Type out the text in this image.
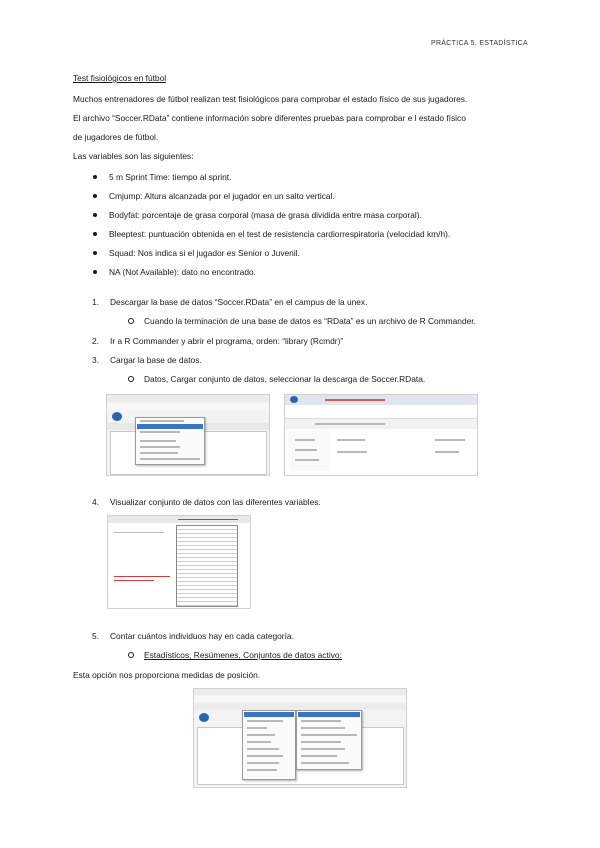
PRÁCTICA 5. ESTADÍSTICA
Test fisiológicos en fútbol
Muchos entrenadores de fútbol realizan test fisiológicos para comprobar el estado físico de sus jugadores.
El archivo “Soccer.RData” contiene información sobre diferentes pruebas para comprobar e l estado físico
de jugadores de fútbol.
Las variables son las siguientes:
5 m Sprint Time: tiempo al sprint.
Cmjump: Altura alcanzada por el jugador en un salto vertical.
Bodyfat: porcentaje de grasa corporal (masa de grasa dividida entre masa corporal).
Bleeptest: puntuación obtenida en el test de resistencia cardiorrespiratoria (velocidad km/h).
Squad: Nos indica si el jugador es Senior o Juvenil.
NA (Not Available): dato no encontrado.
1. Descargar la base de datos “Soccer.RData” en el campus de la unex.
Cuando la terminación de una base de datos es “RData” es un archivo de R Commander.
2. Ir a R Commander y abrir el programa, orden: “library (Rcmdr)”
3. Cargar la base de datos.
Datos, Cargar conjunto de datos, seleccionar la descarga de Soccer.RData.
4. Visualizar conjunto de datos con las diferentes variables.
5. Contar cuántos individuos hay en cada categoría.
Estadísticos, Resúmenes, Conjuntos de datos activo:
Esta opción nos proporciona medidas de posición.
